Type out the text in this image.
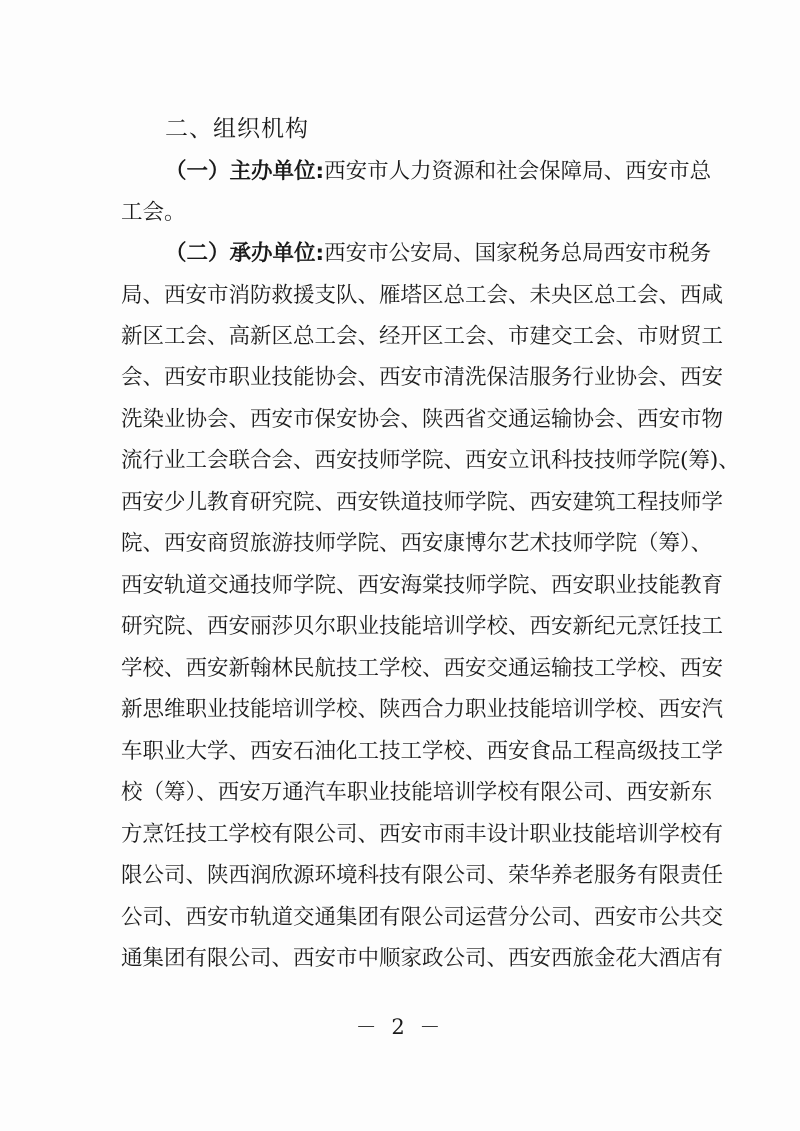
二、组织机构
（一）主办单位:西安市人力资源和社会保障局、西安市总
工会。
（二）承办单位:西安市公安局、国家税务总局西安市税务
局、西安市消防救援支队、雁塔区总工会、未央区总工会、西咸
新区工会、高新区总工会、经开区工会、市建交工会、市财贸工
会、西安市职业技能协会、西安市清洗保洁服务行业协会、西安
洗染业协会、西安市保安协会、陕西省交通运输协会、西安市物
流行业工会联合会、西安技师学院、西安立讯科技技师学院(筹)、
西安少儿教育研究院、西安铁道技师学院、西安建筑工程技师学
院、西安商贸旅游技师学院、西安康博尔艺术技师学院（筹）、
西安轨道交通技师学院、西安海棠技师学院、西安职业技能教育
研究院、西安丽莎贝尔职业技能培训学校、西安新纪元烹饪技工
学校、西安新翰林民航技工学校、西安交通运输技工学校、西安
新思维职业技能培训学校、陕西合力职业技能培训学校、西安汽
车职业大学、西安石油化工技工学校、西安食品工程高级技工学
校（筹）、西安万通汽车职业技能培训学校有限公司、西安新东
方烹饪技工学校有限公司、西安市雨丰设计职业技能培训学校有
限公司、陕西润欣源环境科技有限公司、荣华养老服务有限责任
公司、西安市轨道交通集团有限公司运营分公司、西安市公共交
通集团有限公司、西安市中顺家政公司、西安西旅金花大酒店有
－ 2 －
